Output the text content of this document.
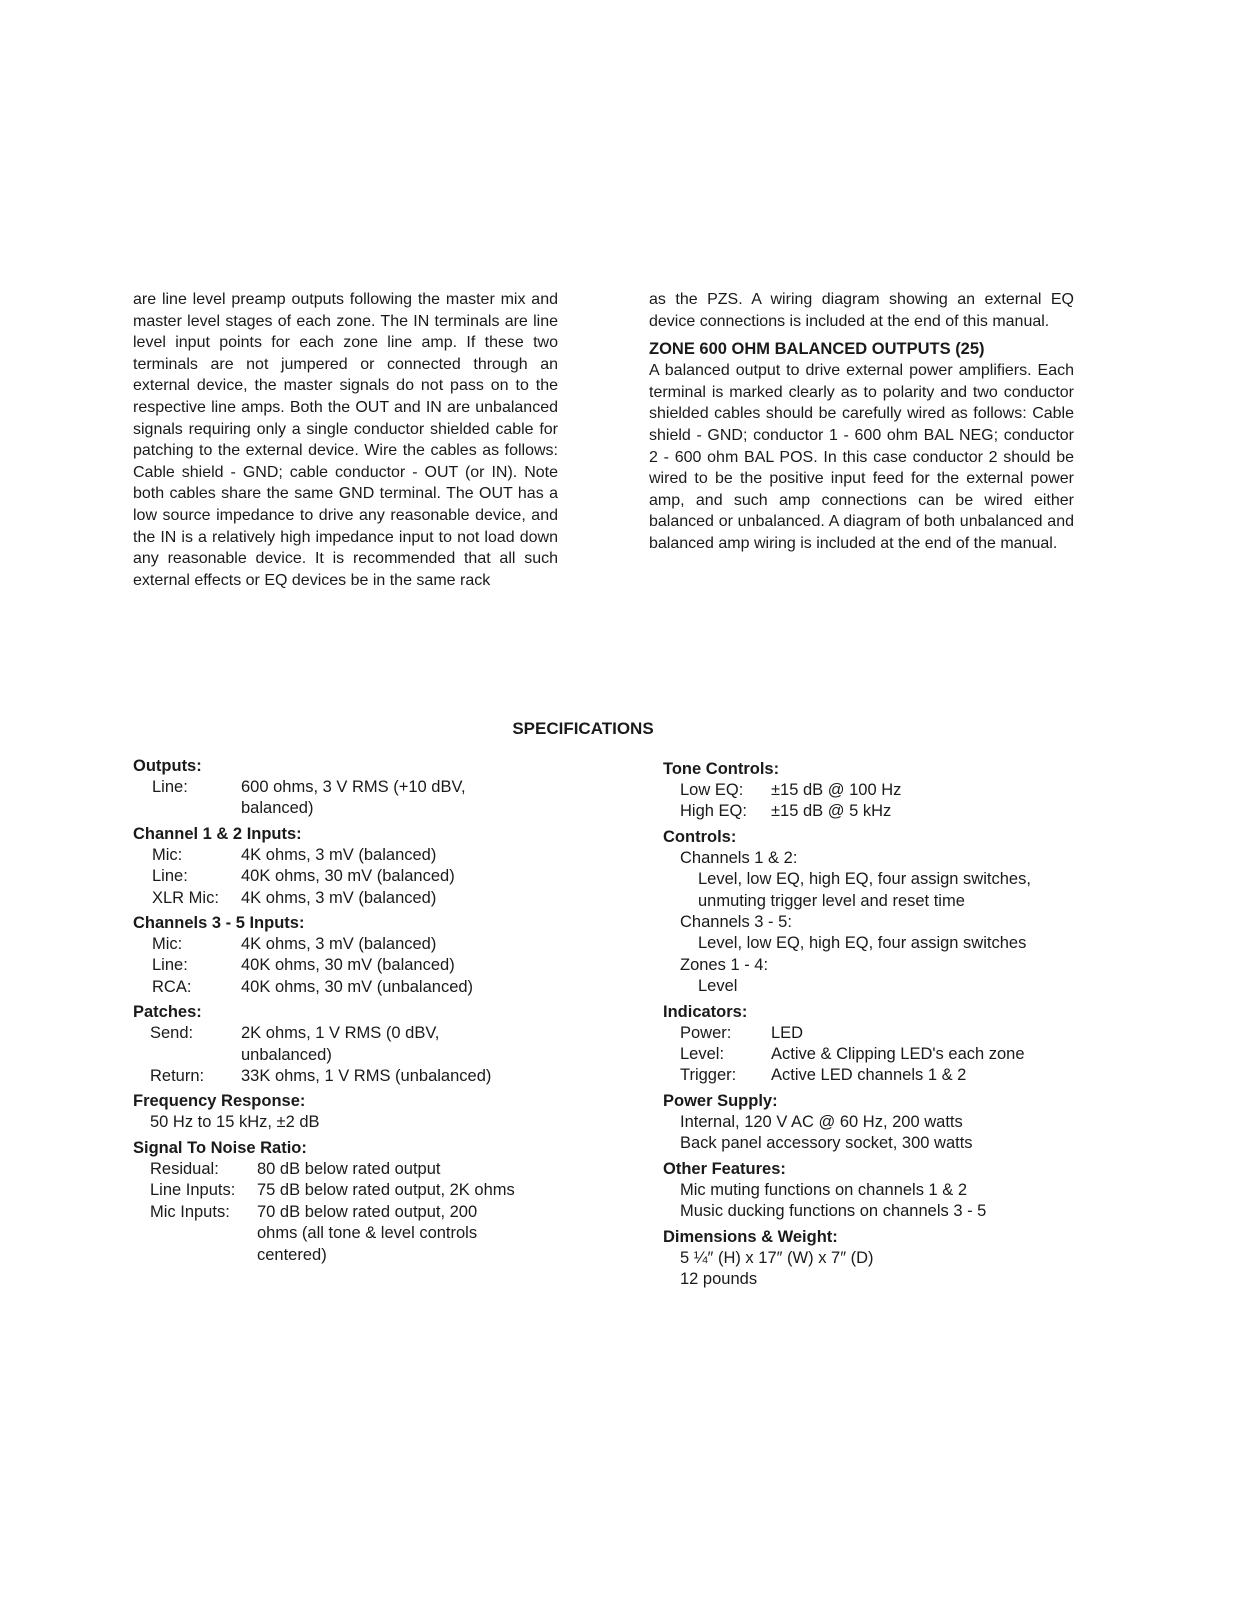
are line level preamp outputs following the master mix and master level stages of each zone. The IN terminals are line level input points for each zone line amp. If these two terminals are not jumpered or connected through an external device, the master signals do not pass on to the respective line amps. Both the OUT and IN are unbalanced signals requiring only a single conductor shielded cable for patching to the external device. Wire the cables as follows: Cable shield - GND; cable conductor - OUT (or IN). Note both cables share the same GND terminal. The OUT has a low source impedance to drive any reasonable device, and the IN is a relatively high impedance input to not load down any reasonable device. It is recommended that all such external effects or EQ devices be in the same rack

as the PZS. A wiring diagram showing an external EQ device connections is included at the end of this manual.

ZONE 600 OHM BALANCED OUTPUTS (25)

A balanced output to drive external power amplifiers. Each terminal is marked clearly as to polarity and two conductor shielded cables should be carefully wired as follows: Cable shield - GND; conductor 1 - 600 ohm BAL NEG; conductor 2 - 600 ohm BAL POS. In this case conductor 2 should be wired to be the positive input feed for the external power amp, and such amp connections can be wired either balanced or unbalanced. A diagram of both unbalanced and balanced amp wiring is included at the end of the manual.

SPECIFICATIONS
Outputs:
Line:	600 ohms, 3 V RMS (+10 dBV, balanced)
Channel 1 & 2 Inputs:
Mic:	4K ohms, 3 mV (balanced)
Line:	40K ohms, 30 mV (balanced)
XLR Mic:	4K ohms, 3 mV (balanced)
Channels 3 - 5 Inputs:
Mic:	4K ohms, 3 mV (balanced)
Line:	40K ohms, 30 mV (balanced)
RCA:	40K ohms, 30 mV (unbalanced)
Patches:
Send:	2K ohms, 1 V RMS (0 dBV, unbalanced)
Return:	33K ohms, 1 V RMS (unbalanced)
Frequency Response:
50 Hz to 15 kHz, ±2 dB
Signal To Noise Ratio:
Residual:	80 dB below rated output
Line Inputs:	75 dB below rated output, 2K ohms
Mic Inputs:	70 dB below rated output, 200 ohms (all tone & level controls centered)
Tone Controls:
Low EQ:	±15 dB @ 100 Hz
High EQ:	±15 dB @ 5 kHz
Controls:
Channels 1 & 2:
Level, low EQ, high EQ, four assign switches, unmuting trigger level and reset time
Channels 3 - 5:
Level, low EQ, high EQ, four assign switches
Zones 1 - 4:
Level
Indicators:
Power:	LED
Level:	Active & Clipping LED's each zone
Trigger:	Active LED channels 1 & 2
Power Supply:
Internal, 120 V AC @ 60 Hz, 200 watts
Back panel accessory socket, 300 watts
Other Features:
Mic muting functions on channels 1 & 2
Music ducking functions on channels 3 - 5
Dimensions & Weight:
5 ¼″ (H) x 17″ (W) x 7″ (D)
12 pounds
